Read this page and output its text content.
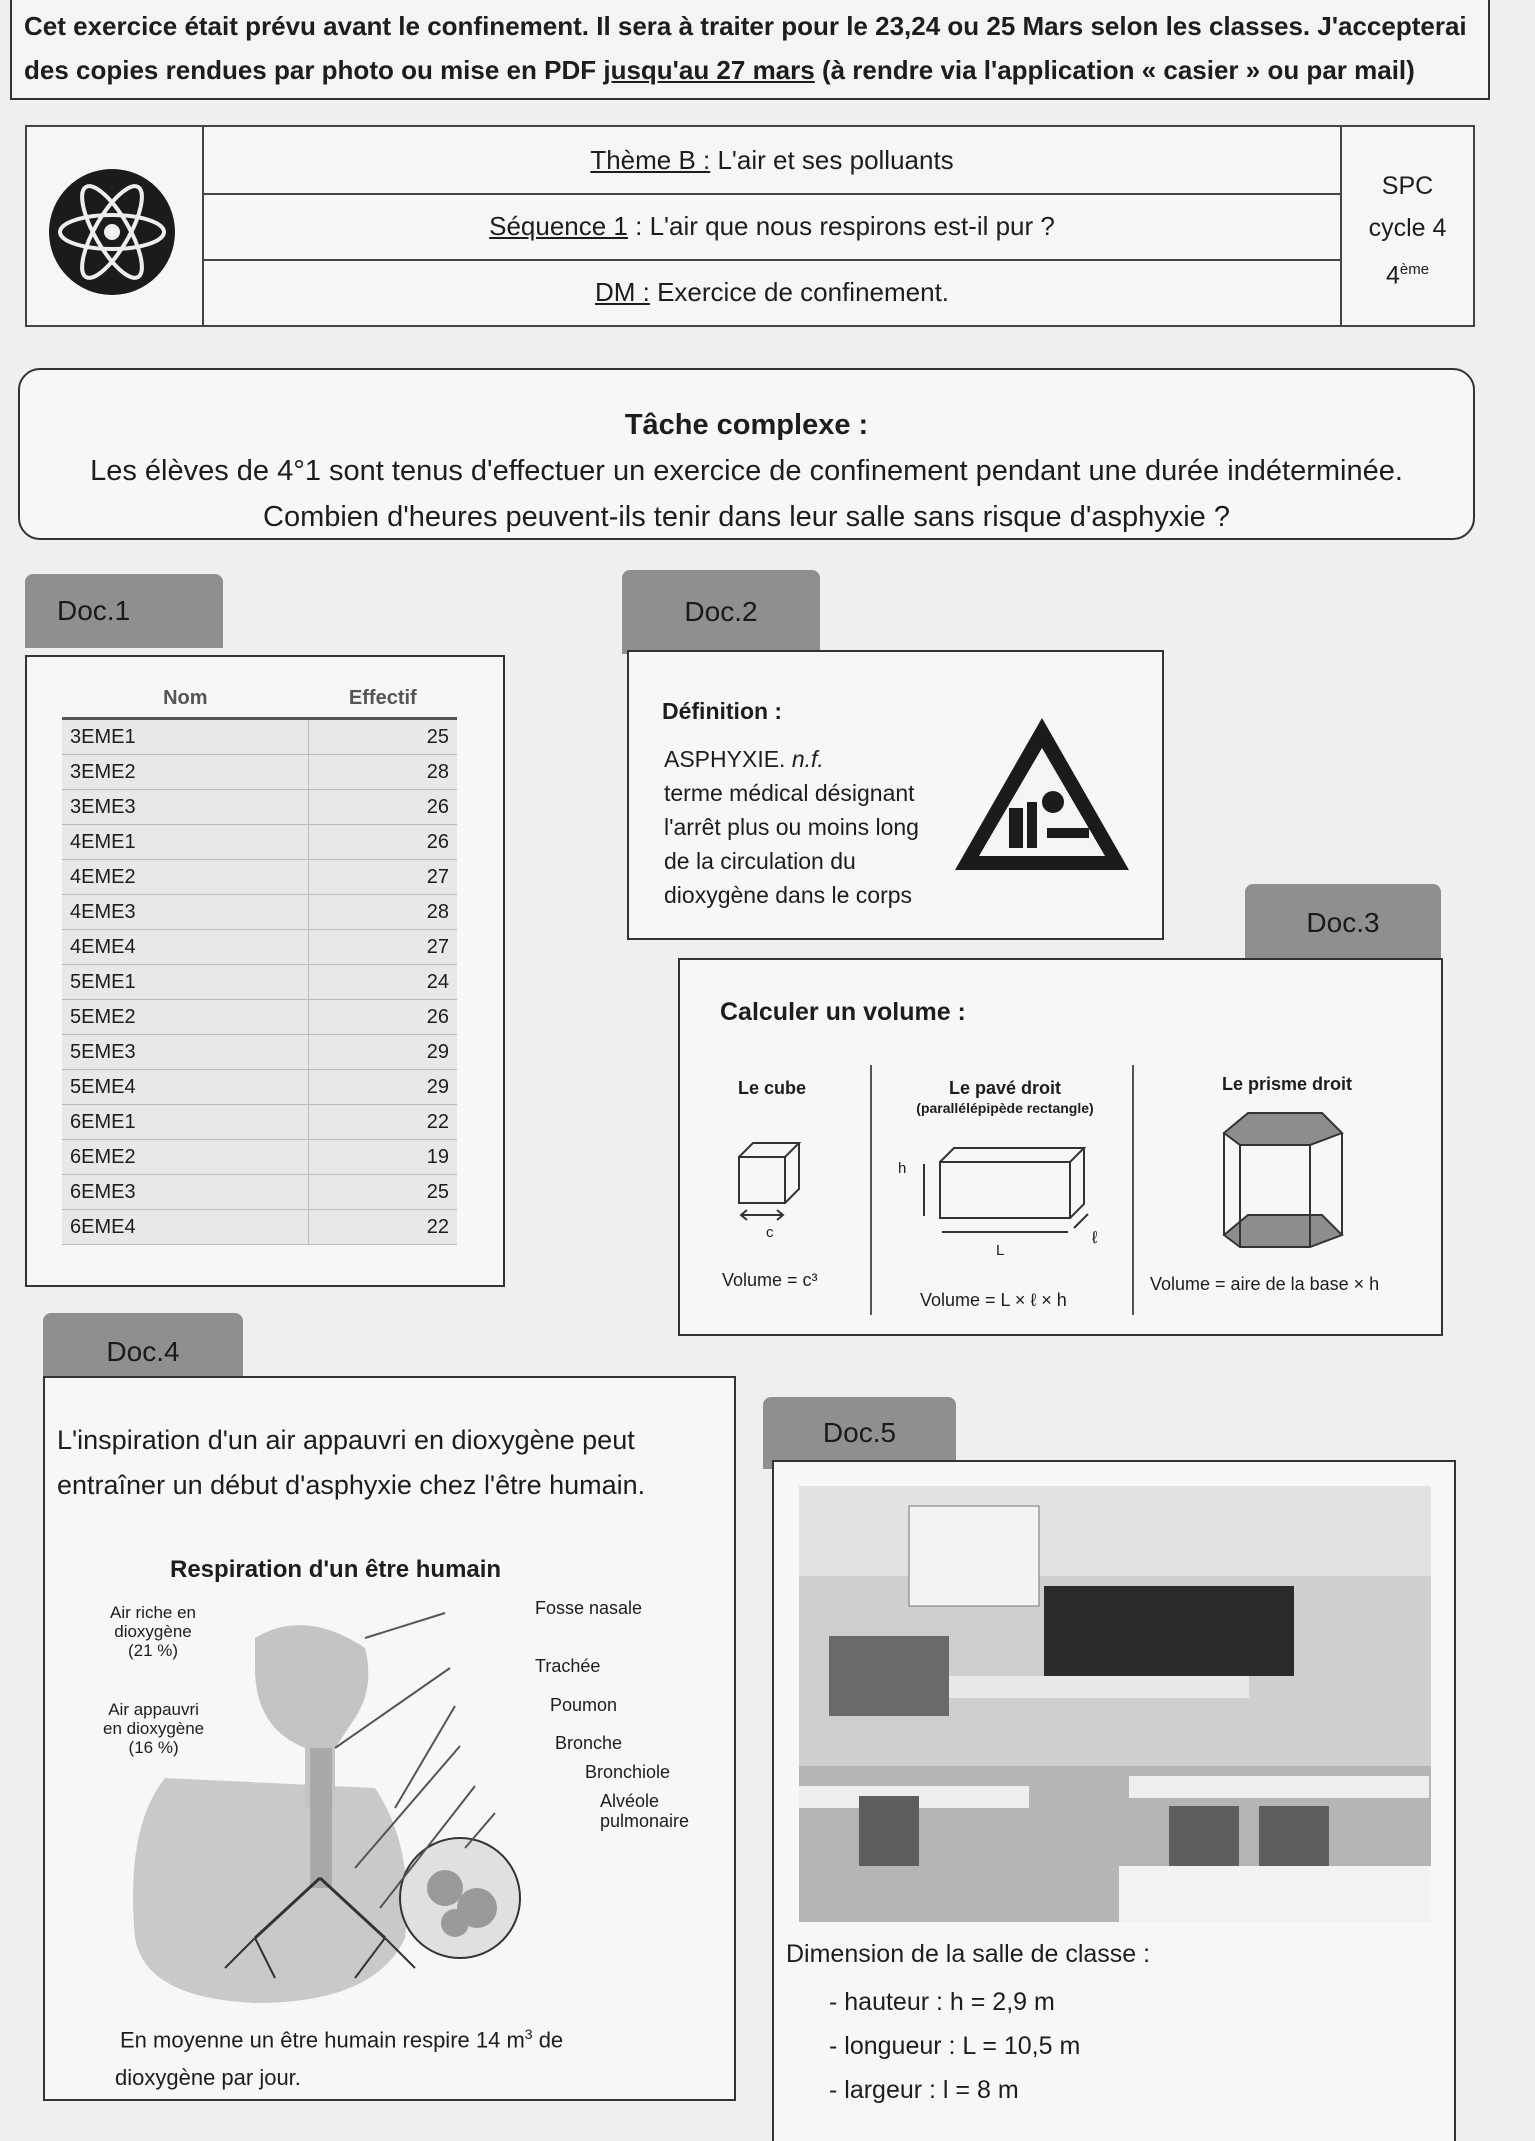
Cet exercice était prévu avant le confinement. Il sera à traiter pour le 23,24 ou 25 Mars selon les classes. J'accepterai
des copies rendues par photo ou mise en PDF jusqu'au 27 mars (à rendre via l'application « casier » ou par mail)
Thème B : L'air et ses polluants
Séquence 1 : L'air que nous respirons est-il pur ?
DM : Exercice de confinement.
SPC
cycle 4
4ème
Tâche complexe :
Les élèves de 4°1 sont tenus d'effectuer un exercice de confinement pendant une durée indéterminée.
Combien d'heures peuvent-ils tenir dans leur salle sans risque d'asphyxie ?
Doc.1
Nom	Effectif
3EME1	25
3EME2	28
3EME3	26
4EME1	26
4EME2	27
4EME3	28
4EME4	27
5EME1	24
5EME2	26
5EME3	29
5EME4	29
6EME1	22
6EME2	19
6EME3	25
6EME4	22
Doc.2
Définition :
ASPHYXIE. n.f.
terme médical désignant
l'arrêt plus ou moins long
de la circulation du
dioxygène dans le corps
Doc.3
Calculer un volume :
Le cube
c
Volume = c³
Le pavé droit
(parallélépipède rectangle)
h
L
ℓ
Volume = L × ℓ × h
Le prisme droit
Volume = aire de la base × h
Doc.4
L'inspiration d'un air appauvri en dioxygène peut
entraîner un début d'asphyxie chez l'être humain.
Respiration d'un être humain
Air riche en
dioxygène
(21 %)
Air appauvri
en dioxygène
(16 %)
Fosse nasale
Trachée
Poumon
Bronche
Bronchiole
Alvéole
pulmonaire
En moyenne un être humain respire 14 $m^3$ de
dioxygène par jour.
Doc.5
Dimension de la salle de classe :
- hauteur : h = 2,9 m
- longueur : L = 10,5 m
- largeur : l = 8 m
